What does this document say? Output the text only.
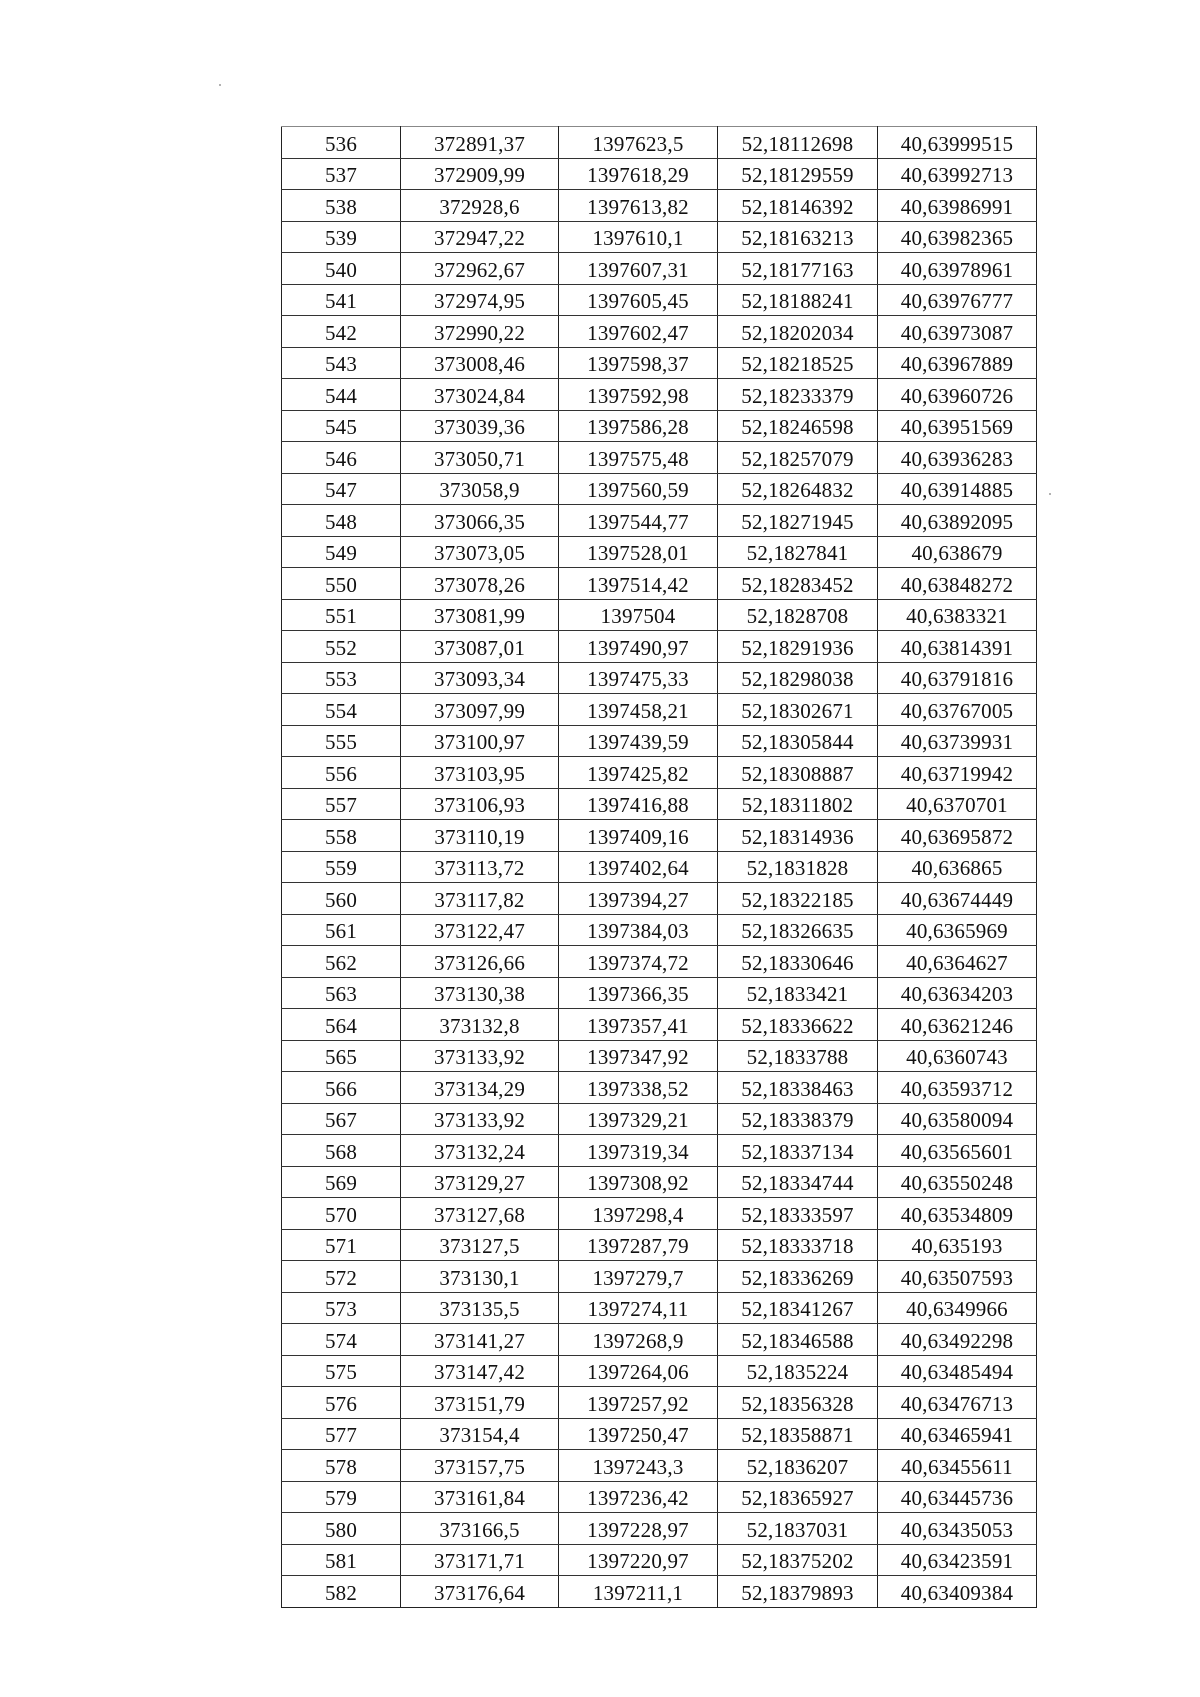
536	372891,37	1397623,5	52,18112698	40,63999515
537	372909,99	1397618,29	52,18129559	40,63992713
538	372928,6	1397613,82	52,18146392	40,63986991
539	372947,22	1397610,1	52,18163213	40,63982365
540	372962,67	1397607,31	52,18177163	40,63978961
541	372974,95	1397605,45	52,18188241	40,63976777
542	372990,22	1397602,47	52,18202034	40,63973087
543	373008,46	1397598,37	52,18218525	40,63967889
544	373024,84	1397592,98	52,18233379	40,63960726
545	373039,36	1397586,28	52,18246598	40,63951569
546	373050,71	1397575,48	52,18257079	40,63936283
547	373058,9	1397560,59	52,18264832	40,63914885
548	373066,35	1397544,77	52,18271945	40,63892095
549	373073,05	1397528,01	52,1827841	40,638679
550	373078,26	1397514,42	52,18283452	40,63848272
551	373081,99	1397504	52,1828708	40,6383321
552	373087,01	1397490,97	52,18291936	40,63814391
553	373093,34	1397475,33	52,18298038	40,63791816
554	373097,99	1397458,21	52,18302671	40,63767005
555	373100,97	1397439,59	52,18305844	40,63739931
556	373103,95	1397425,82	52,18308887	40,63719942
557	373106,93	1397416,88	52,18311802	40,6370701
558	373110,19	1397409,16	52,18314936	40,63695872
559	373113,72	1397402,64	52,1831828	40,636865
560	373117,82	1397394,27	52,18322185	40,63674449
561	373122,47	1397384,03	52,18326635	40,6365969
562	373126,66	1397374,72	52,18330646	40,6364627
563	373130,38	1397366,35	52,1833421	40,63634203
564	373132,8	1397357,41	52,18336622	40,63621246
565	373133,92	1397347,92	52,1833788	40,6360743
566	373134,29	1397338,52	52,18338463	40,63593712
567	373133,92	1397329,21	52,18338379	40,63580094
568	373132,24	1397319,34	52,18337134	40,63565601
569	373129,27	1397308,92	52,18334744	40,63550248
570	373127,68	1397298,4	52,18333597	40,63534809
571	373127,5	1397287,79	52,18333718	40,635193
572	373130,1	1397279,7	52,18336269	40,63507593
573	373135,5	1397274,11	52,18341267	40,6349966
574	373141,27	1397268,9	52,18346588	40,63492298
575	373147,42	1397264,06	52,1835224	40,63485494
576	373151,79	1397257,92	52,18356328	40,63476713
577	373154,4	1397250,47	52,18358871	40,63465941
578	373157,75	1397243,3	52,1836207	40,63455611
579	373161,84	1397236,42	52,18365927	40,63445736
580	373166,5	1397228,97	52,1837031	40,63435053
581	373171,71	1397220,97	52,18375202	40,63423591
582	373176,64	1397211,1	52,18379893	40,63409384
